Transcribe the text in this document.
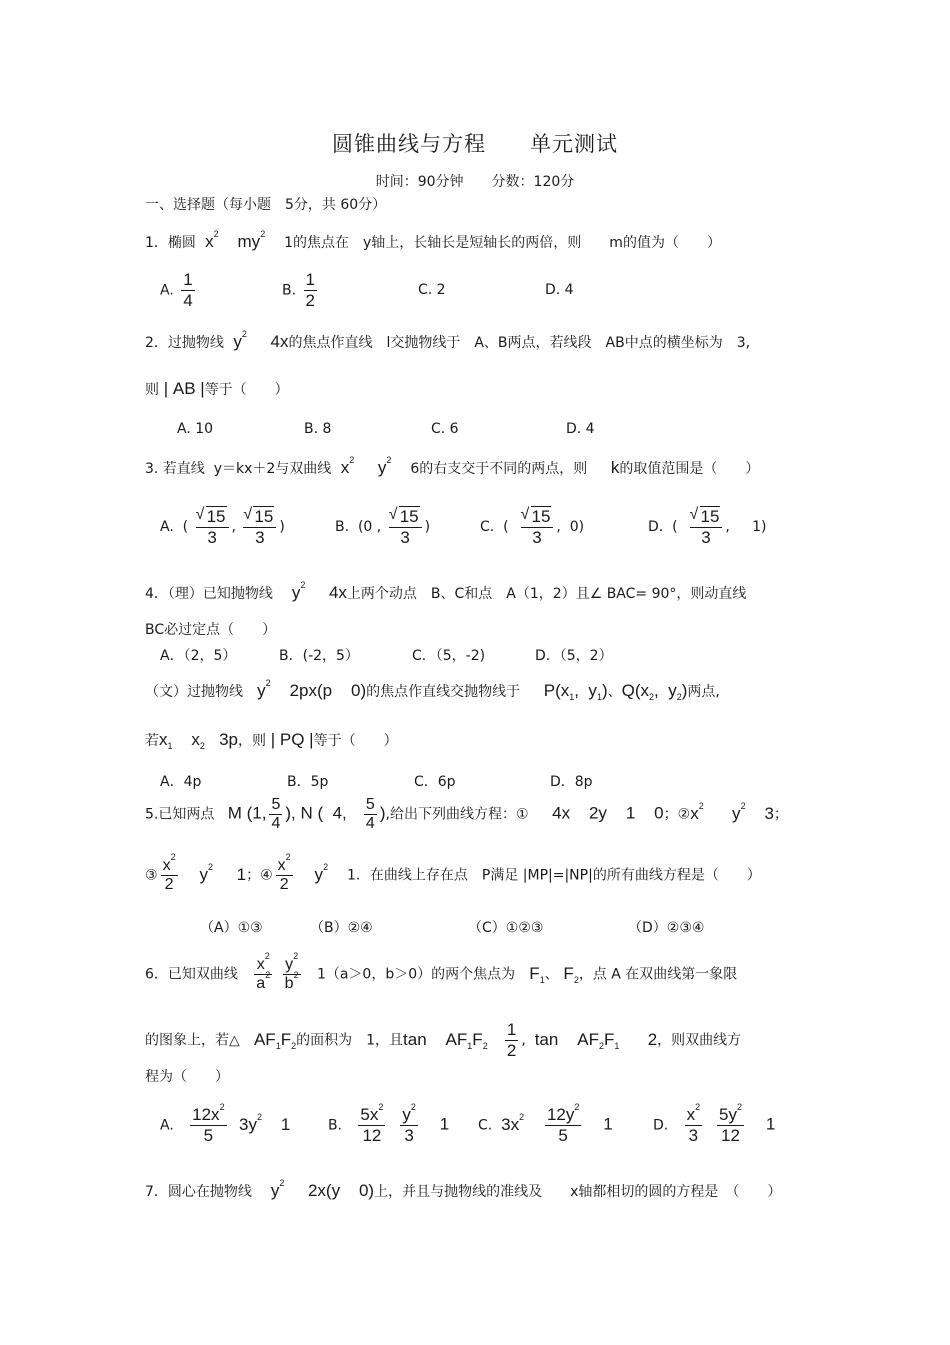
圆锥曲线与方程　　单元测试
时间：90分钟　　分数：120分
一、选择题（每小题　5分，共 60分）
1．椭圆  $x^2$    $my^2$    1的焦点在　y轴上，长轴长是短轴长的两倍，则　　m的值为（　　）
A. $\frac{1}{4}$	B. $\frac{1}{2}$	C. 2	D. 4
2．过抛物线  $y^2$     4x的焦点作直线　l交抛物线于　A、B两点，若线段　AB中点的横坐标为　3,
则 | AB |等于（　　）
A. 10	B. 8	C. 6	D. 4
3. 若直线 y＝kx＋2与双曲线  $x^2$     $y^2$    6的右支交于不同的两点，则     k的取值范围是（　　）
A.  ( √ $\frac{15}{3}$ , √ $\frac{15}{3}$ )	B.  (0 , √ $\frac{15}{3}$ )	C.  ( √ $\frac{15}{3}$ ,  0)	D.  ( √ $\frac{15}{3}$ ,     1)
4．（理）已知抛物线    $y^2$     4x上两个动点　B、C和点　A（1，2）且∠ BAC= 90°，则动直线
BC必过定点（　　）
A．（2，5）	B．(-2，5）	C．（5，-2)	D．（5，2）
（文）过抛物线   $y^2$    2px(p    0)的焦点作直线交抛物线于     $P(x_1$,  $y_1$)、$Q(x_2$,  $y_2$)两点,
若$x_1$    $x_2$   3p，则 | PQ |等于（　　）
A．4p	B．5p	C．6p	D．8p
5.已知两点 M (1, $\frac{5}{4}$ ), N (  4, $\frac{5}{4}$ ),给出下列曲线方程：①     4x    2y    1    0；$②x^2$      $y^2$    3；
③ $\frac{x^2}{2} y^2$     1；④ $\frac{x^2}{2} y^2$    1．在曲线上存在点　P满足 |MP|=|NP|的所有曲线方程是（　　）
（A）①③	（B）②④	（C）①②③	（D）②③④
6．已知双曲线 $\frac{x^2}{a^2}$
$\frac{y^2}{b^2} 1(a>0$，b＞0）的两个焦点为   $F_1$、 $F_2$，点 A 在双曲线第一象限
的图象上，若△   $AF_1F_2$的面积为　1，且tan    $AF_1F_2 \frac{1}{2}$ ,  tan    $AF_2F_1$      2，则双曲线方
程为（　　）
A. $\frac{12x^2}{5} 3y^2$    1	B. $\frac{5x^2}{12}$
$\frac{y^2}{3} 1$ C. $3x^2 \frac{12y^2}{5} 1$	D. $\frac{x^2}{3}$
$\frac{5y^2}{12} 1$
7．圆心在抛物线    $y^2$     2x(y    0)上，并且与抛物线的准线及　　x轴都相切的圆的方程是　（　　）
